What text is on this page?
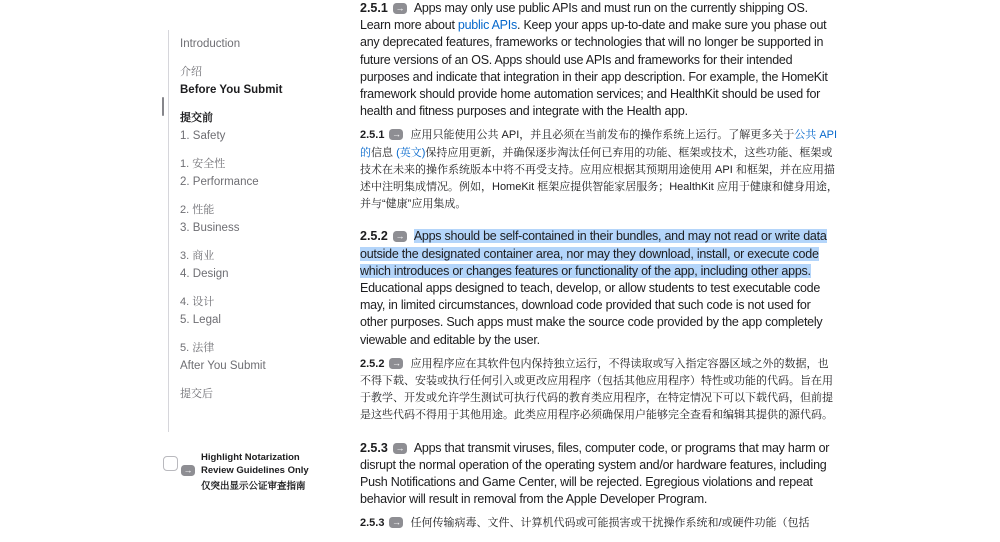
Introduction
介绍
Before You Submit
提交前
1. Safety
1. 安全性
2. Performance
2. 性能
3. Business
3. 商业
4. Design
4. 设计
5. Legal
5. 法律
After You Submit
提交后
→
Highlight Notarization Review Guidelines Only
仅突出显示公证审查指南

2.5.1 → Apps may only use public APIs and must run on the currently shipping OS. Learn more about public APIs. Keep your apps up-to-date and make sure you phase out any deprecated features, frameworks or technologies that will no longer be supported in future versions of an OS. Apps should use APIs and frameworks for their intended purposes and indicate that integration in their app description. For example, the HomeKit framework should provide home automation services; and HealthKit should be used for health and fitness purposes and integrate with the Health app.

2.5.1 → 应用只能使用公共 API，并且必须在当前发布的操作系统上运行。了解更多关于公共 API 的信息 (英文)保持应用更新，并确保逐步淘汰任何已弃用的功能、框架或技术，这些功能、框架或技术在未来的操作系统版本中将不再受支持。应用应根据其预期用途使用 API 和框架，并在应用描述中注明集成情况。例如，HomeKit 框架应提供智能家居服务；HealthKit 应用于健康和健身用途，并与“健康”应用集成。

2.5.2 → Apps should be self-contained in their bundles, and may not read or write data outside the designated container area, nor may they download, install, or execute code which introduces or changes features or functionality of the app, including other apps. Educational apps designed to teach, develop, or allow students to test executable code may, in limited circumstances, download code provided that such code is not used for other purposes. Such apps must make the source code provided by the app completely viewable and editable by the user.

2.5.2 → 应用程序应在其软件包内保持独立运行，不得读取或写入指定容器区域之外的数据，也不得下载、安装或执行任何引入或更改应用程序（包括其他应用程序）特性或功能的代码。旨在用于教学、开发或允许学生测试可执行代码的教育类应用程序，在特定情况下可以下载代码，但前提是这些代码不得用于其他用途。此类应用程序必须确保用户能够完全查看和编辑其提供的源代码。

2.5.3 → Apps that transmit viruses, files, computer code, or programs that may harm or disrupt the normal operation of the operating system and/or hardware features, including Push Notifications and Game Center, will be rejected. Egregious violations and repeat behavior will result in removal from the Apple Developer Program.

2.5.3 → 任何传输病毒、文件、计算机代码或可能损害或干扰操作系统和/或硬件功能（包括
